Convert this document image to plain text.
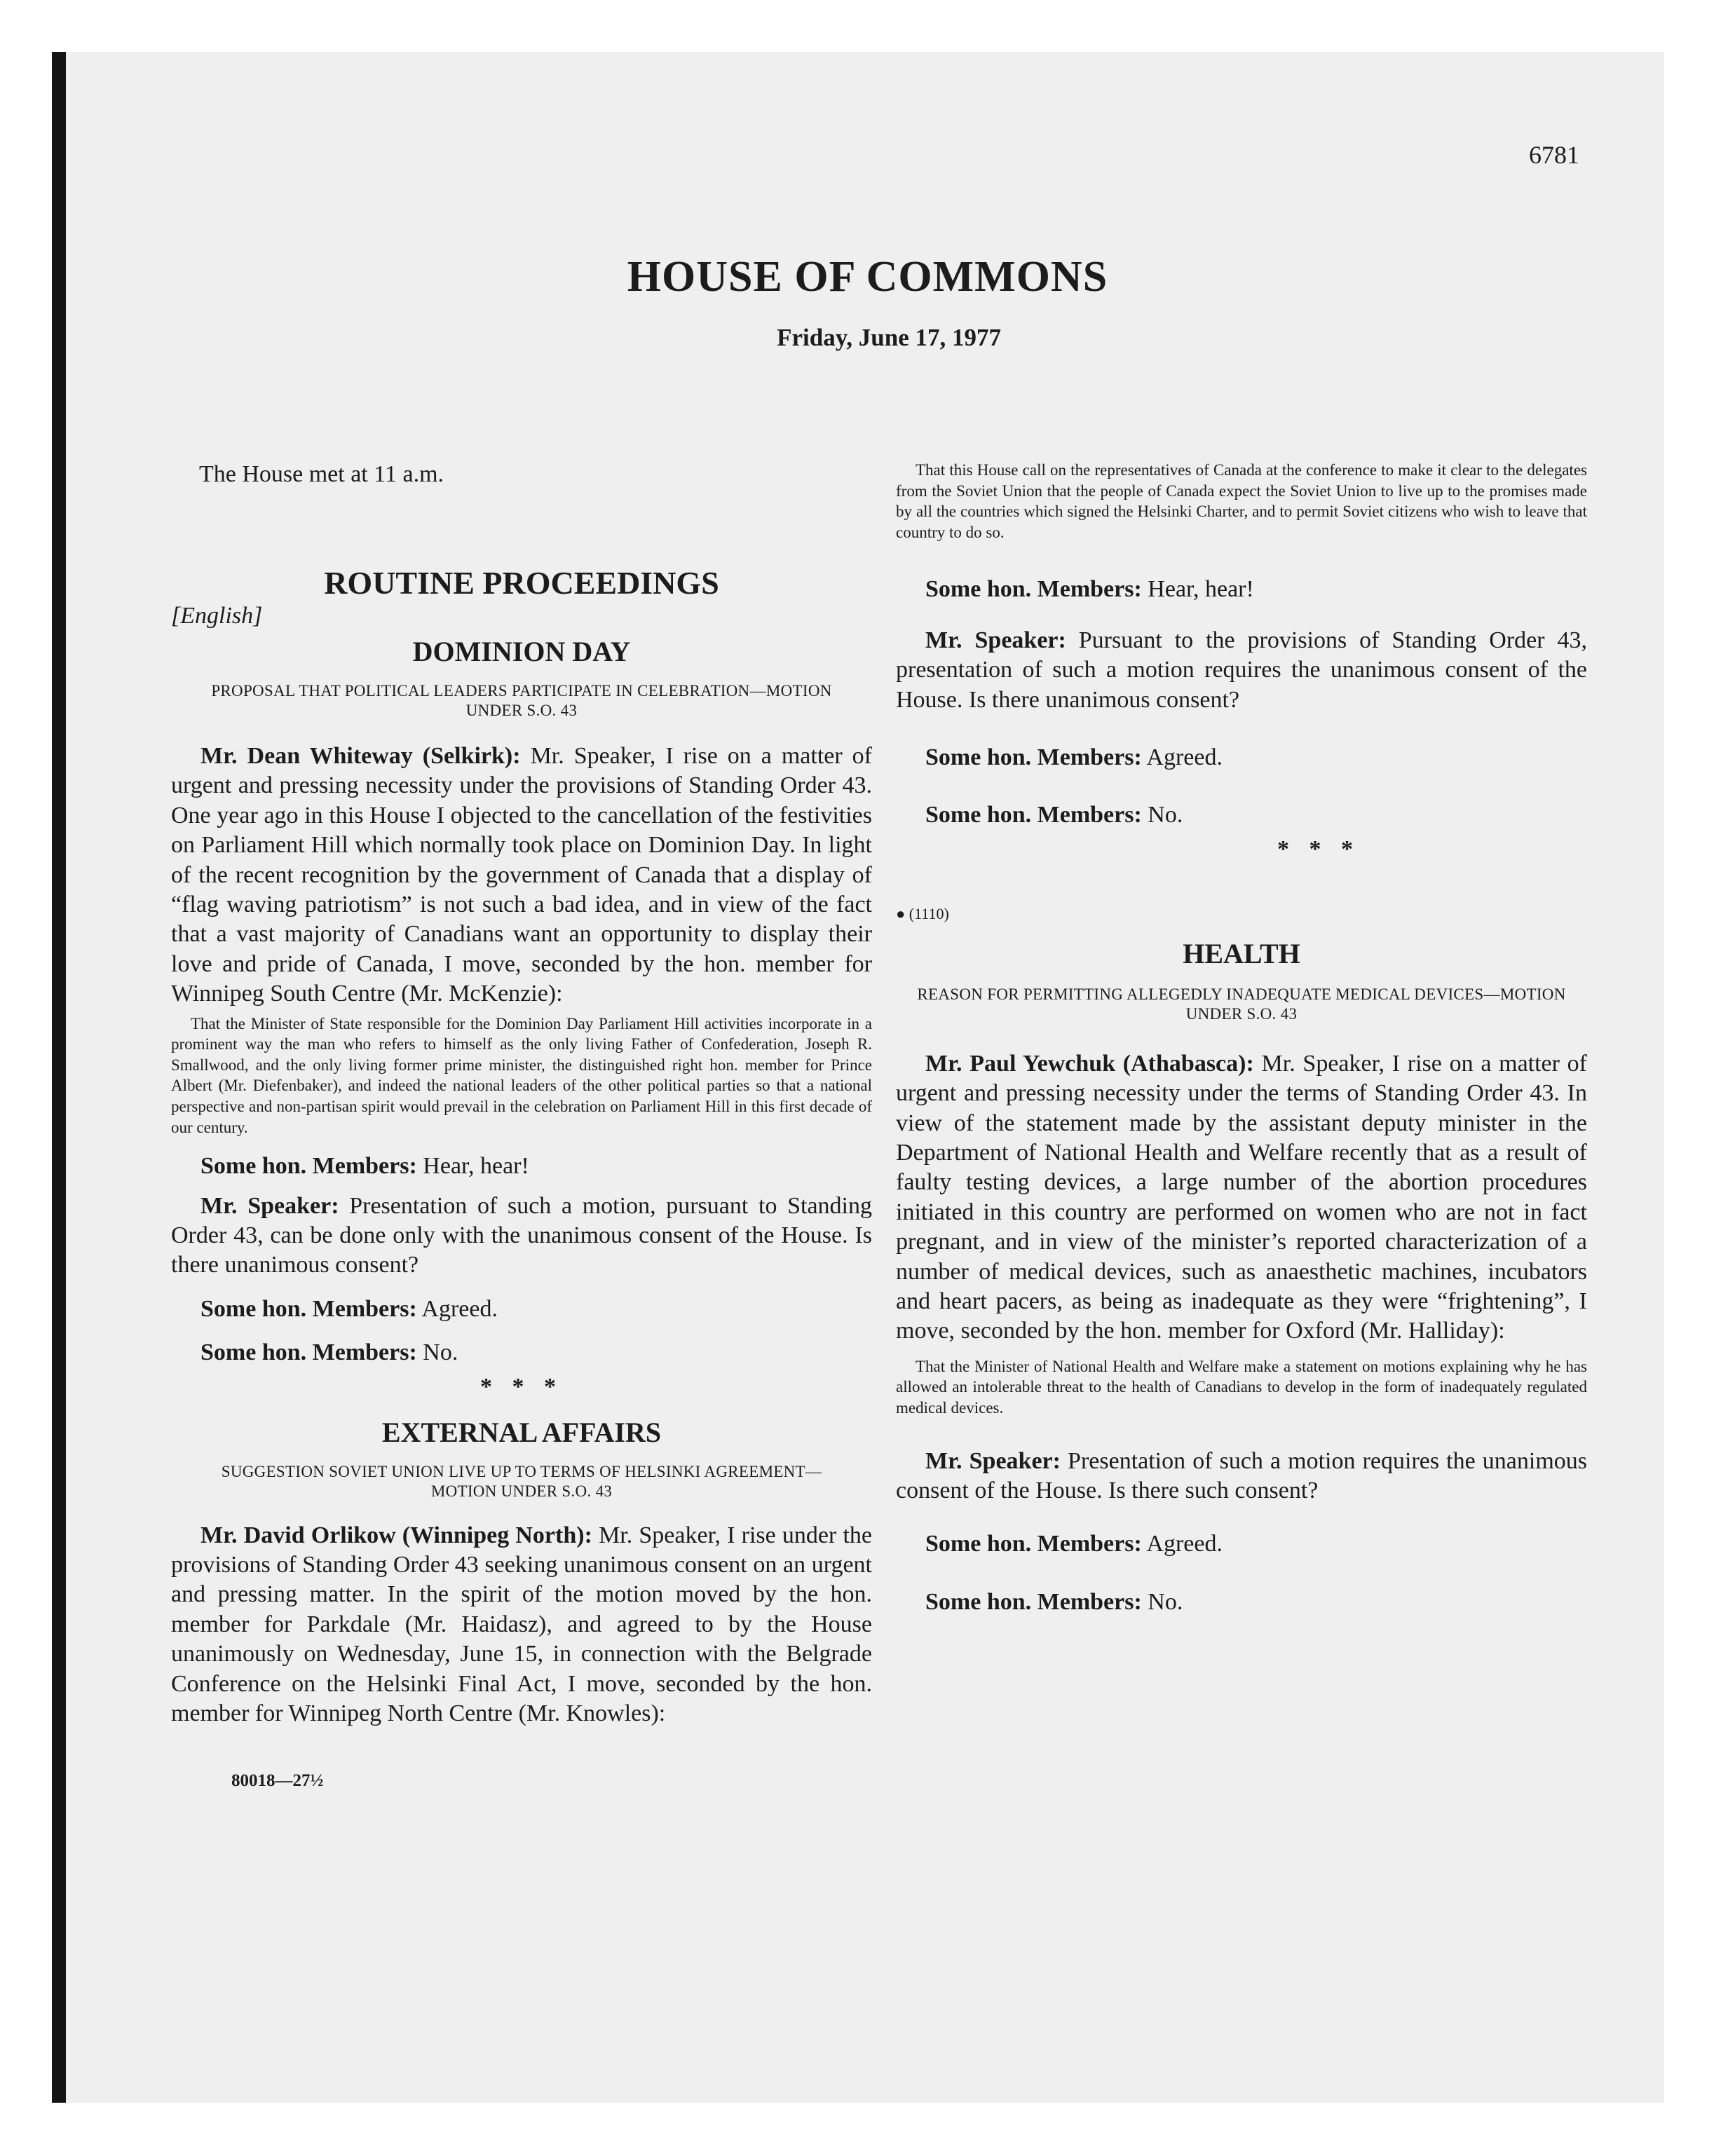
6781
HOUSE OF COMMONS
Friday, June 17, 1977

The House met at 11 a.m.

ROUTINE PROCEEDINGS

[English]

DOMINION DAY

PROPOSAL THAT POLITICAL LEADERS PARTICIPATE IN CELEBRATION—MOTION UNDER S.O. 43

Mr. Dean Whiteway (Selkirk): Mr. Speaker, I rise on a matter of urgent and pressing necessity under the provisions of Standing Order 43. One year ago in this House I objected to the cancellation of the festivities on Parliament Hill which normally took place on Dominion Day. In light of the recent recognition by the government of Canada that a display of “flag waving patriotism” is not such a bad idea, and in view of the fact that a vast majority of Canadians want an opportunity to display their love and pride of Canada, I move, seconded by the hon. member for Winnipeg South Centre (Mr. McKenzie):

That the Minister of State responsible for the Dominion Day Parliament Hill activities incorporate in a prominent way the man who refers to himself as the only living Father of Confederation, Joseph R. Smallwood, and the only living former prime minister, the distinguished right hon. member for Prince Albert (Mr. Diefenbaker), and indeed the national leaders of the other political parties so that a national perspective and non-partisan spirit would prevail in the celebration on Parliament Hill in this first decade of our century.

Some hon. Members: Hear, hear!

Mr. Speaker: Presentation of such a motion, pursuant to Standing Order 43, can be done only with the unanimous consent of the House. Is there unanimous consent?

Some hon. Members: Agreed.

Some hon. Members: No.

* * *

EXTERNAL AFFAIRS

SUGGESTION SOVIET UNION LIVE UP TO TERMS OF HELSINKI AGREEMENT—MOTION UNDER S.O. 43

Mr. David Orlikow (Winnipeg North): Mr. Speaker, I rise under the provisions of Standing Order 43 seeking unanimous consent on an urgent and pressing matter. In the spirit of the motion moved by the hon. member for Parkdale (Mr. Haidasz), and agreed to by the House unanimously on Wednesday, June 15, in connection with the Belgrade Conference on the Helsinki Final Act, I move, seconded by the hon. member for Winnipeg North Centre (Mr. Knowles):

80018—27½

That this House call on the representatives of Canada at the conference to make it clear to the delegates from the Soviet Union that the people of Canada expect the Soviet Union to live up to the promises made by all the countries which signed the Helsinki Charter, and to permit Soviet citizens who wish to leave that country to do so.

Some hon. Members: Hear, hear!

Mr. Speaker: Pursuant to the provisions of Standing Order 43, presentation of such a motion requires the unanimous consent of the House. Is there unanimous consent?

Some hon. Members: Agreed.

Some hon. Members: No.

* * *

● (1110)

HEALTH

REASON FOR PERMITTING ALLEGEDLY INADEQUATE MEDICAL DEVICES—MOTION UNDER S.O. 43

Mr. Paul Yewchuk (Athabasca): Mr. Speaker, I rise on a matter of urgent and pressing necessity under the terms of Standing Order 43. In view of the statement made by the assistant deputy minister in the Department of National Health and Welfare recently that as a result of faulty testing devices, a large number of the abortion procedures initiated in this country are performed on women who are not in fact pregnant, and in view of the minister’s reported characterization of a number of medical devices, such as anaesthetic machines, incubators and heart pacers, as being as inadequate as they were “frightening”, I move, seconded by the hon. member for Oxford (Mr. Halliday):

That the Minister of National Health and Welfare make a statement on motions explaining why he has allowed an intolerable threat to the health of Canadians to develop in the form of inadequately regulated medical devices.

Mr. Speaker: Presentation of such a motion requires the unanimous consent of the House. Is there such consent?

Some hon. Members: Agreed.

Some hon. Members: No.
